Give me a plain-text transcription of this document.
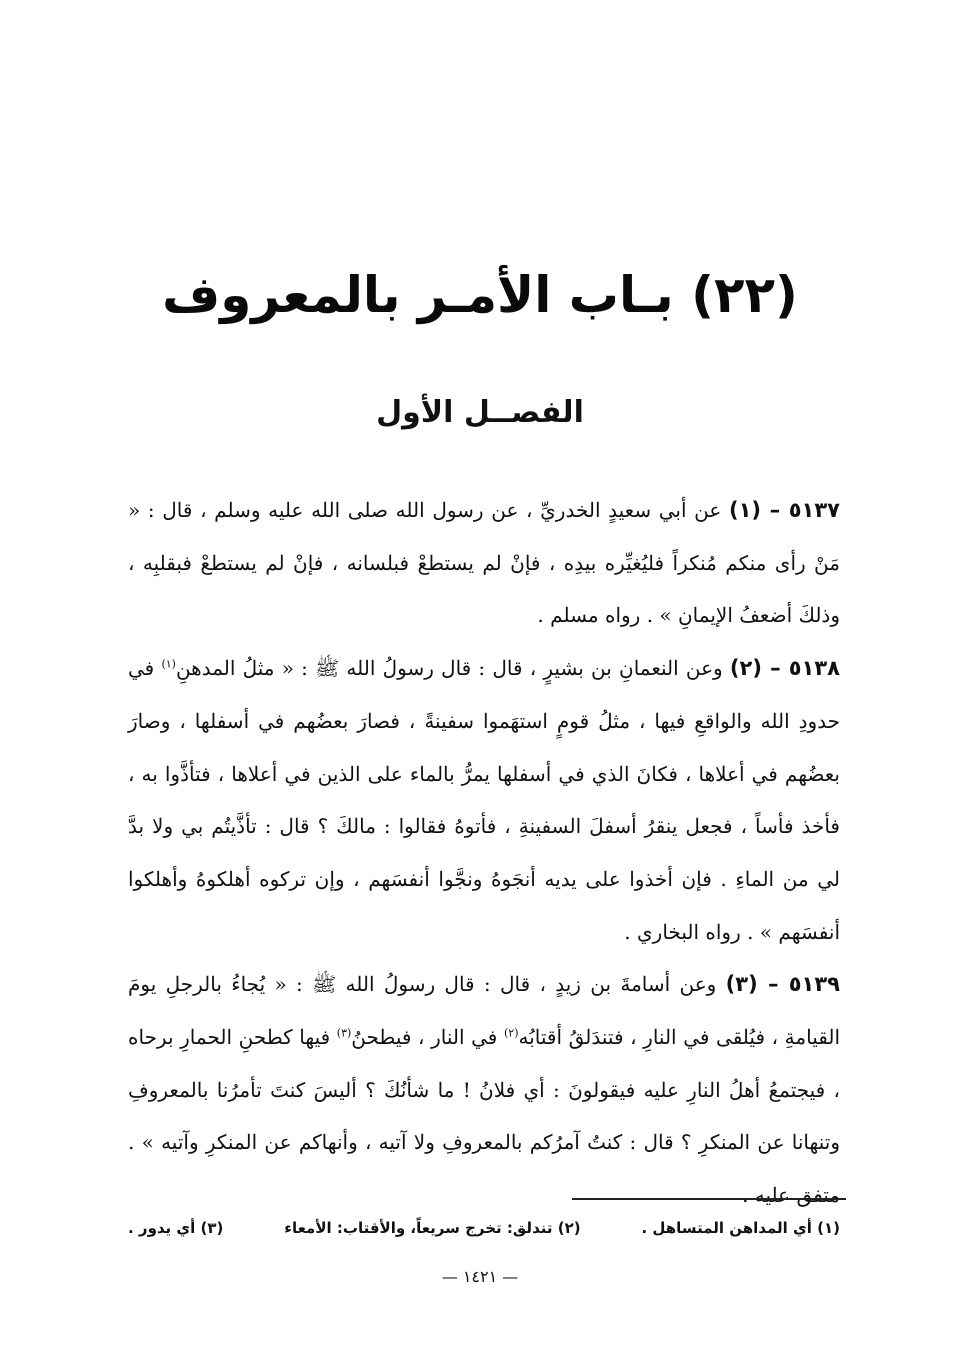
(٢٢) بـاب الأمـر بالمعروف
الفصــل الأول

٥١٣٧ – (١) عن أبي سعيدٍ الخدريِّ ، عن رسول الله صلى الله عليه وسلم ، قال : « مَنْ رأى منكم مُنكراً فليُغيِّره بيدِه ، فإنْ لم يستطعْ فبلسانه ، فإنْ لم يستطعْ فبقلبِه ، وذلكَ أضعفُ الإيمانِ » . رواه مسلم .

٥١٣٨ – (٢) وعن النعمانِ بن بشيرٍ ، قال : قال رسولُ الله ﷺ : « مثلُ المدهنِ$^{(١)}$ في حدودِ الله والواقعِ فيها ، مثلُ قومٍ استهَموا سفينةً ، فصارَ بعضُهم في أسفلها ، وصارَ بعضُهم في أعلاها ، فكانَ الذي في أسفلها يمرُّ بالماء على الذين في أعلاها ، فتأذَّوا به ، فأخذ فأساً ، فجعل ينقرُ أسفلَ السفينةِ ، فأتوهُ فقالوا : مالكَ ؟ قال : تأذَّيتُم بي ولا بدَّ لي من الماءِ . فإن أخذوا على يديه أنجَوهُ ونجَّوا أنفسَهم ، وإن تركوه أهلكوهُ وأهلكوا أنفسَهم » . رواه البخاري .

٥١٣٩ – (٣) وعن أسامةَ بن زيدٍ ، قال : قال رسولُ الله ﷺ : « يُجاءُ بالرجلِ يومَ القيامةِ ، فيُلقى في النارِ ، فتندَلقُ أقتابُه$^{(٢)}$ في النار ، فيطحنُ$^{(٣)}$ فيها كطحنِ الحمارِ برحاه ، فيجتمعُ أهلُ النارِ عليه فيقولونَ : أي فلانُ ! ما شأنُكَ ؟ أليسَ كنتَ تأمرُنا بالمعروفِ وتنهانا عن المنكرِ ؟ قال : كنتُ آمرُكم بالمعروفِ ولا آتيه ، وأنهاكم عن المنكرِ وآتيه » . متفق عليه .

(١) أي المداهن المتساهل .
(٢) تندلق: تخرج سريعاً، والأقتاب: الأمعاء
(٣) أي يدور .
— ١٤٢١ —
